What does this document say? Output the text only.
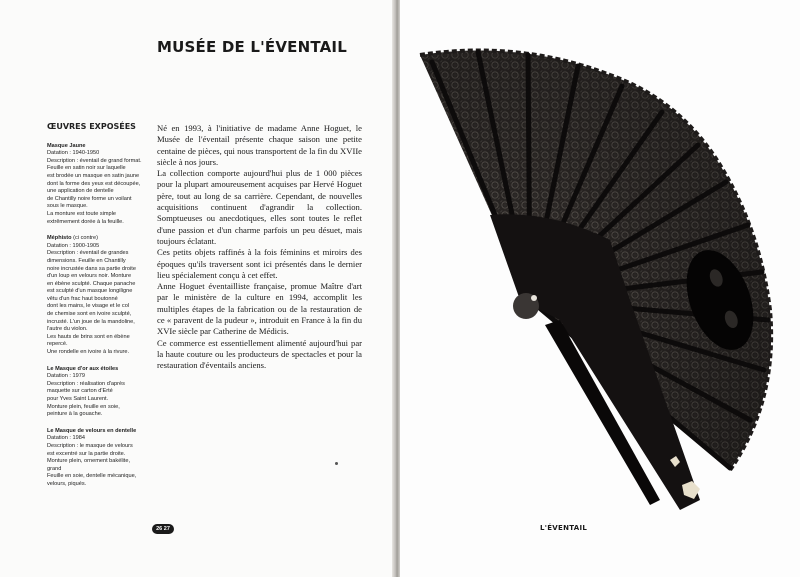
MUSÉE DE L'ÉVENTAIL
ŒUVRES EXPOSÉES
Masque Jaune
Datation : 1940-1950
Description : éventail de grand format.
Feuille en satin noir sur laquelle
est brodée un masque en satin jaune
dont la forme des yeux est découpée,
une application de dentelle
de Chantilly noire forme un voilant
sous le masque.
La monture est toute simple
extrêmement dorée à la feuille.
Méphisto (ci contre)
Datation : 1900-1905
Description : éventail de grandes
dimensions. Feuille en Chantilly
noire incrustée dans sa partie droite
d'un loup en velours noir. Monture
en ébène sculpté. Chaque panache
est sculpté d'un masque longiligne
vêtu d'un frac haut boutonné
dont les mains, le visage et le col
de chemise sont en ivoire sculpté,
incrusté. L'un joue de la mandoline,
l'autre du violon.
Les hauts de brins sont en ébène
repercé.
Une rondelle en ivoire à la rivure.
Le Masque d'or aux étoiles
Datation : 1979
Description : réalisation d'après
maquette sur carton d'Erté
pour Yves Saint Laurent.
Monture plein, feuille en soie,
peinture à la gouache.
Le Masque de velours en dentelle
Datation : 1984
Description : le masque de velours
est excentré sur la partie droite.
Monture plein, ornement bakélite, grand
Feuille en soie, dentelle mécanique,
velours, piqués.

Né en 1993, à l'initiative de madame Anne Hoguet, le Musée de l'éventail présente chaque saison une petite centaine de pièces, qui nous transportent de la fin du XVIIe siècle à nos jours.

La collection comporte aujourd'hui plus de 1 000 pièces pour la plupart amoureusement acquises par Hervé Hoguet père, tout au long de sa carrière. Cependant, de nouvelles acquisitions continuent d'agrandir la collection. Somptueuses ou anecdotiques, elles sont toutes le reflet d'une passion et d'un charme parfois un peu désuet, mais toujours éclatant.

Ces petits objets raffinés à la fois féminins et miroirs des époques qu'ils traversent sont ici présentés dans le dernier lieu spécialement conçu à cet effet.

Anne Hoguet éventailliste française, promue Maître d'art par le ministère de la culture en 1994, accomplit les multiples étapes de la fabrication ou de la restauration de ce « paravent de la pudeur », introduit en France à la fin du XVIe siècle par Catherine de Médicis.

Ce commerce est essentiellement alimenté aujourd'hui par la haute couture ou les producteurs de spectacles et pour la restauration d'éventails anciens.

26 27	L'ÉVENTAIL
